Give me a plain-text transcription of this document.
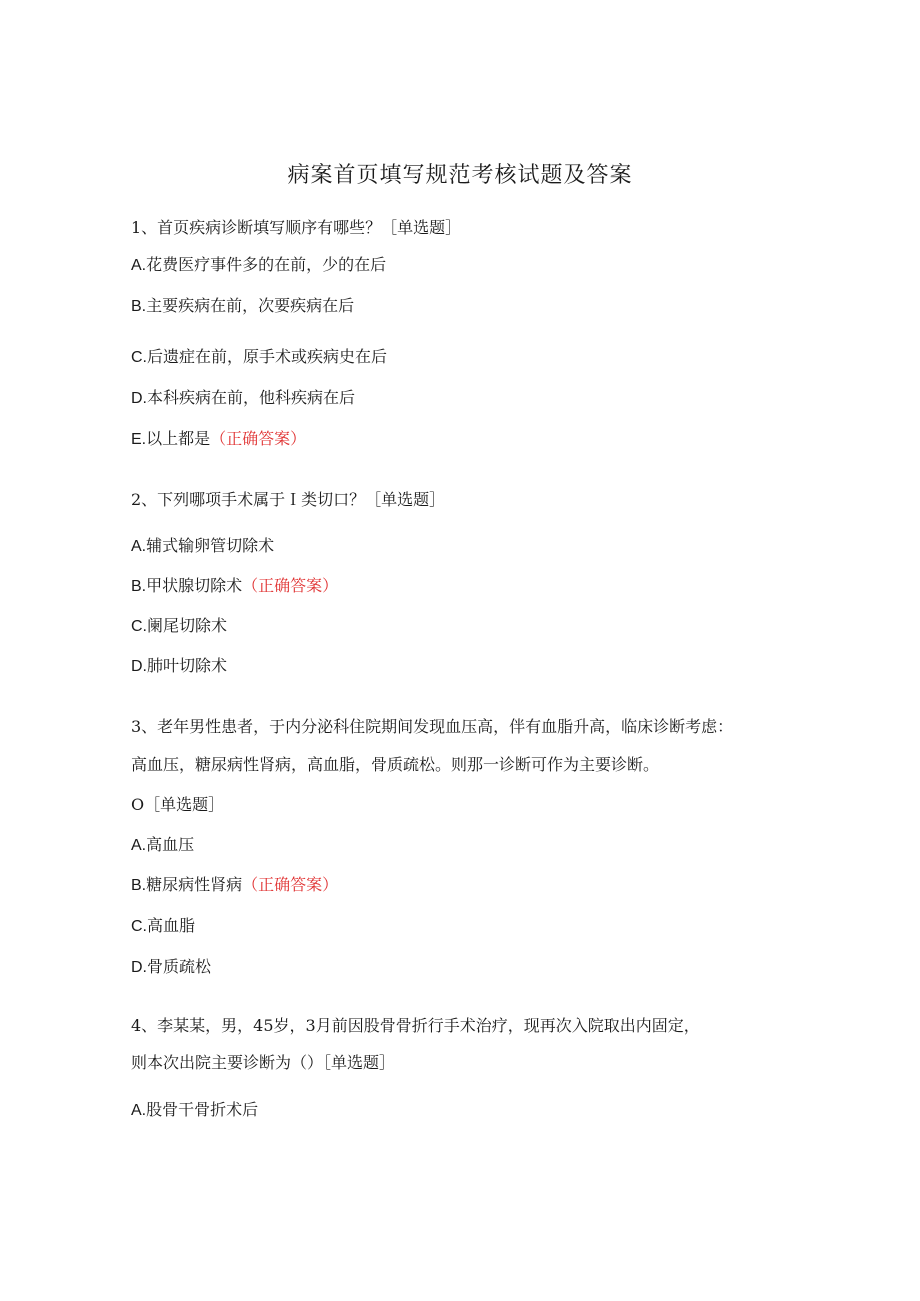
病案首页填写规范考核试题及答案
1、首页疾病诊断填写顺序有哪些？［单选题］
A.花费医疗事件多的在前，少的在后
B.主要疾病在前，次要疾病在后
C.后遗症在前，原手术或疾病史在后
D.本科疾病在前，他科疾病在后
E.以上都是（正确答案）
2、下列哪项手术属于Ｉ类切口？［单选题］
A.辅式输卵管切除术
B.甲状腺切除术（正确答案）
C.阑尾切除术
D.肺叶切除术
3、老年男性患者，于内分泌科住院期间发现血压高，伴有血脂升高，临床诊断考虑：
高血压，糖尿病性肾病，高血脂，骨质疏松。则那一诊断可作为主要诊断。
O［单选题］
A.高血压
B.糖尿病性肾病（正确答案）
C.高血脂
D.骨质疏松
4、李某某，男，45岁，3月前因股骨骨折行手术治疗，现再次入院取出内固定，
则本次出院主要诊断为（）［单选题］
A.股骨干骨折术后
